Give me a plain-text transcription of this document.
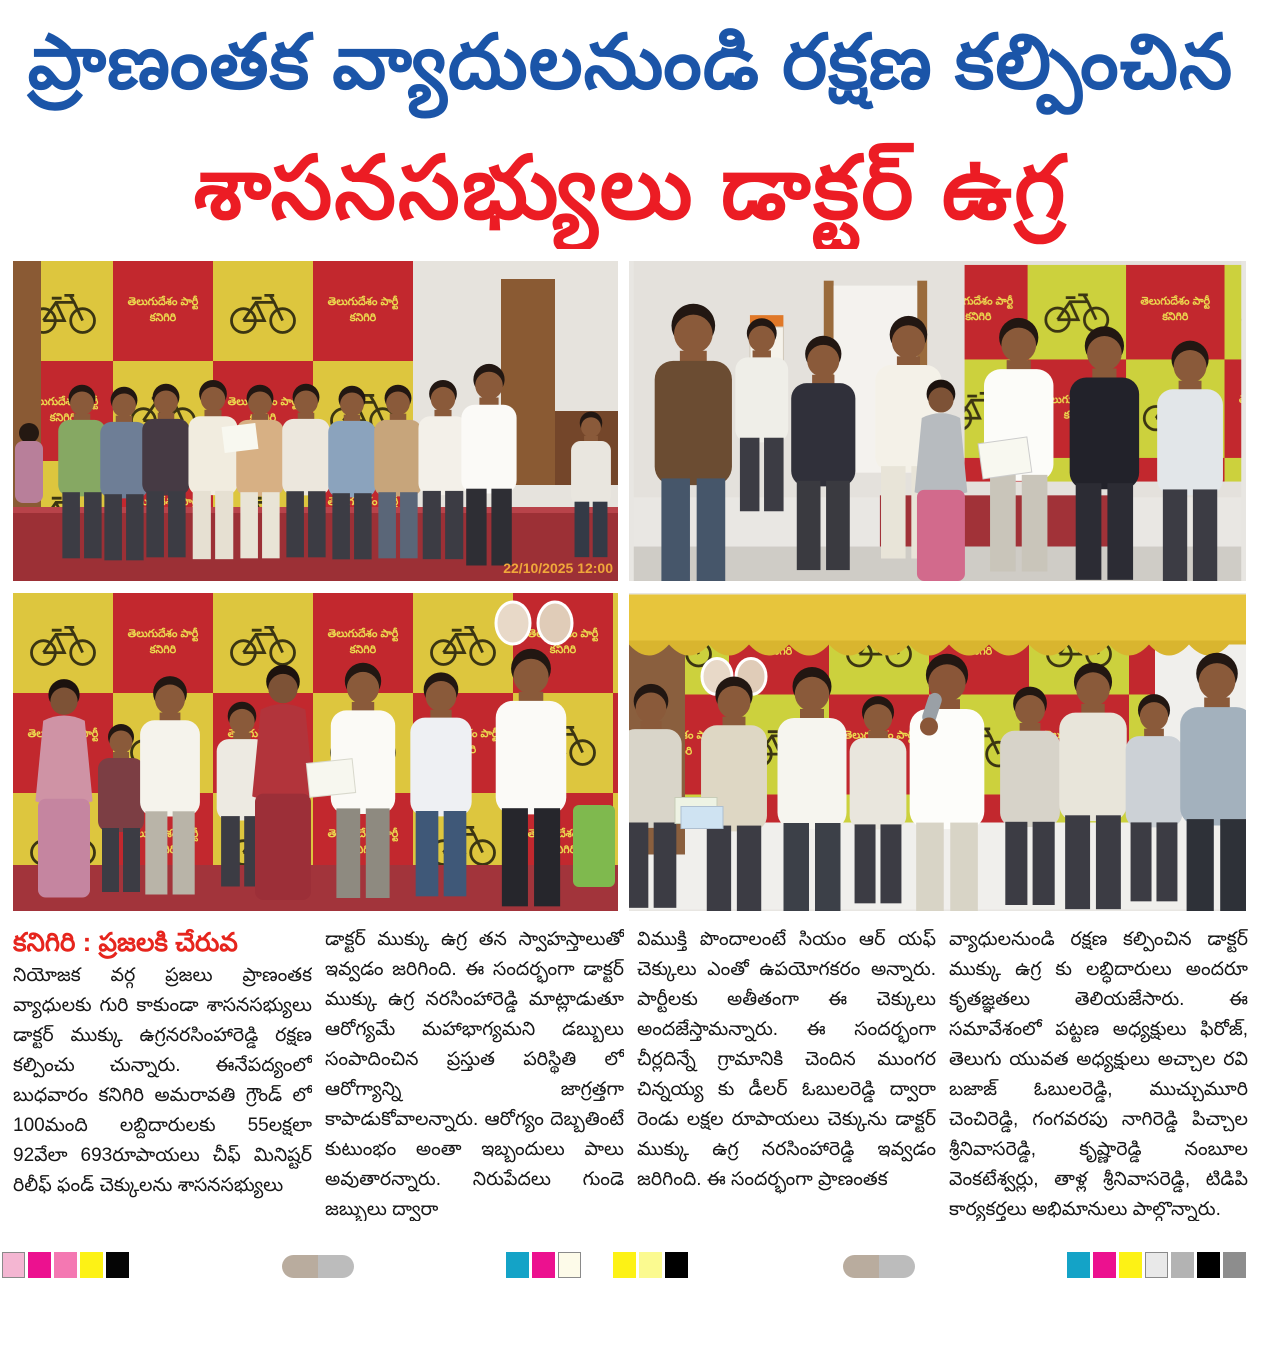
ప్రాణంతక వ్యాదులనుండి రక్షణ కల్పించిన
శాసనసభ్యులు డాక్టర్ ఉగ్ర
22/10/2025 12:00
కనిగిరి : ప్రజలకి చేరువ
నియోజక వర్గ ప్రజలు ప్రాణంతక వ్యాధులకు గురి కాకుండా శాసనసభ్యులు డాక్టర్ ముక్కు ఉగ్రనరసింహారెడ్డి రక్షణ కల్పించు చున్నారు. ఈనేపద్యంలో బుధవారం కనిగిరి అమరావతి గ్రౌండ్ లో 100మంది లబ్దిదారులకు 55లక్షలా 92వేలా 693రూపాయలు చీఫ్ మినిష్టర్ రిలీఫ్ ఫండ్ చెక్కులను శాసనసభ్యులు
డాక్టర్ ముక్కు ఉగ్ర తన స్వాహస్తాలుతో ఇవ్వడం జరిగింది. ఈ సందర్భంగా డాక్టర్ ముక్కు ఉగ్ర నరసింహారెడ్డి మాట్లాడుతూ ఆరోగ్యమే మహాభాగ్యమని డబ్బులు సంపాదించిన ప్రస్తుత పరిస్థితి లో ఆరోగ్యాన్ని జాగ్రత్తగా కాపాడుకోవాలన్నారు. ఆరోగ్యం దెబ్బతింటే కుటుంభం అంతా ఇబ్బందులు పాలు అవుతారన్నారు. నిరుపేదలు గుండె జబ్బులు ద్వారా
విముక్తి పొందాలంటే సియం ఆర్ యఫ్ చెక్కులు ఎంతో ఉపయోగకరం అన్నారు. పార్టీలకు అతీతంగా ఈ చెక్కులు అందజేస్తామన్నారు. ఈ సందర్భంగా చీర్లదిన్నే గ్రామానికి చెందిన ముంగర చిన్నయ్య కు డీలర్ ఓబులరెడ్డి ద్వారా రెండు లక్షల రూపాయలు చెక్కును డాక్టర్ ముక్కు ఉగ్ర నరసింహారెడ్డి ఇవ్వడం జరిగింది. ఈ సందర్భంగా ప్రాణంతక
వ్యాధులనుండి రక్షణ కల్పించిన డాక్టర్ ముక్కు ఉగ్ర కు లబ్ధిదారులు అందరూ కృతజ్ఞతలు తెలియజేసారు. ఈ సమావేశంలో పట్టణ అధ్యక్షులు ఫిరోజ్, తెలుగు యువత అధ్యక్షులు అచ్చాల రవి బజాజ్ ఓబులరెడ్డి, ముచ్చుమూరి చెంచిరెడ్డి, గంగవరపు నాగిరెడ్డి పిచ్చాల శ్రీనివాసరెడ్డి, కృష్ణారెడ్డి నంబూల వెంకటేశ్వర్లు, తాళ్ల శ్రీనివాసరెడ్డి, టిడిపి కార్యకర్తలు అభిమానులు పాల్గొన్నారు.
